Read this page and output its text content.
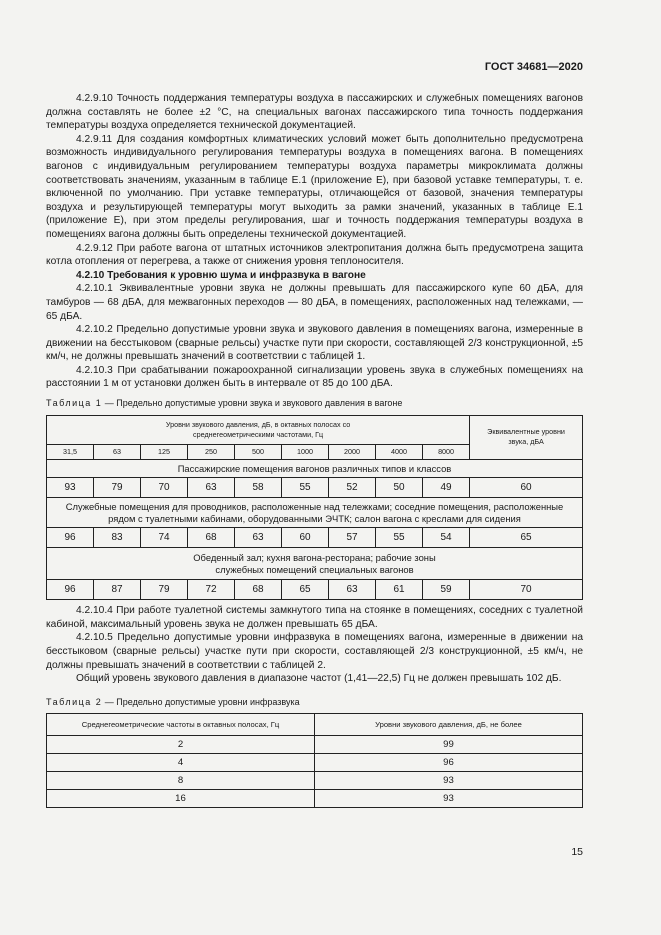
ГОСТ 34681—2020

4.2.9.10 Точность поддержания температуры воздуха в пассажирских и служебных помещениях вагонов должна составлять не более ±2 °С, на специальных вагонах пассажирского типа точность поддержания температуры воздуха определяется технической документацией.

4.2.9.11 Для создания комфортных климатических условий может быть дополнительно предусмотрена возможность индивидуального регулирования температуры воздуха в помещениях вагона. В помещениях вагонов с индивидуальным регулированием температуры воздуха параметры микроклимата должны соответствовать значениям, указанным в таблице Е.1 (приложение Е), при базовой уставке температуры, т. е. включенной по умолчанию. При уставке температуры, отличающейся от базовой, значения температуры воздуха и результирующей температуры могут выходить за рамки значений, указанных в таблице Е.1 (приложение Е), при этом пределы регулирования, шаг и точность поддержания температуры воздуха в помещениях вагона должны быть определены технической документацией.

4.2.9.12 При работе вагона от штатных источников электропитания должна быть предусмотрена защита котла отопления от перегрева, а также от снижения уровня теплоносителя.

4.2.10 Требования к уровню шума и инфразвука в вагоне

4.2.10.1 Эквивалентные уровни звука не должны превышать для пассажирского купе 60 дБА, для тамбуров — 68 дБА, для межвагонных переходов — 80 дБА, в помещениях, расположенных над тележками, — 65 дБА.

4.2.10.2 Предельно допустимые уровни звука и звукового давления в помещениях вагона, измеренные в движении на бесстыковом (сварные рельсы) участке пути при скорости, составляющей 2/3 конструкционной, ±5 км/ч, не должны превышать значений в соответствии с таблицей 1.

4.2.10.3 При срабатывании пожароохранной сигнализации уровень звука в служебных помещениях на расстоянии 1 м от установки должен быть в интервале от 85 до 100 дБА.

Таблица 1 — Предельно допустимые уровни звука и звукового давления в вагоне
Уровни звукового давления, дБ, в октавных полосах со среднегеометрическими частотами, Гц									Эквивалентные уровни звука, дБА
31,5	63	125	250	500	1000	2000	4000	8000	
Пассажирские помещения вагонов различных типов и классов									
93	79	70	63	58	55	52	50	49	60
Служебные помещения для проводников, расположенные над тележками; соседние помещения, расположенные рядом с туалетными кабинами, оборудованными ЭЧТК; салон вагона с креслами для сидения									
96	83	74	68	63	60	57	55	54	65
Обеденный зал; кухня вагона-ресторана; рабочие зоны служебных помещений специальных вагонов									
96	87	79	72	68	65	63	61	59	70

4.2.10.4 При работе туалетной системы замкнутого типа на стоянке в помещениях, соседних с туалетной кабиной, максимальный уровень звука не должен превышать 65 дБА.

4.2.10.5 Предельно допустимые уровни инфразвука в помещениях вагона, измеренные в движении на бесстыковом (сварные рельсы) участке пути при скорости, составляющей 2/3 конструкционной, ±5 км/ч, не должны превышать значений в соответствии с таблицей 2.

Общий уровень звукового давления в диапазоне частот (1,41—22,5) Гц не должен превышать 102 дБ.

Таблица 2 — Предельно допустимые уровни инфразвука
Среднегеометрические частоты в октавных полосах, Гц	Уровни звукового давления, дБ, не более
2	99
4	96
8	93
16	93
15
